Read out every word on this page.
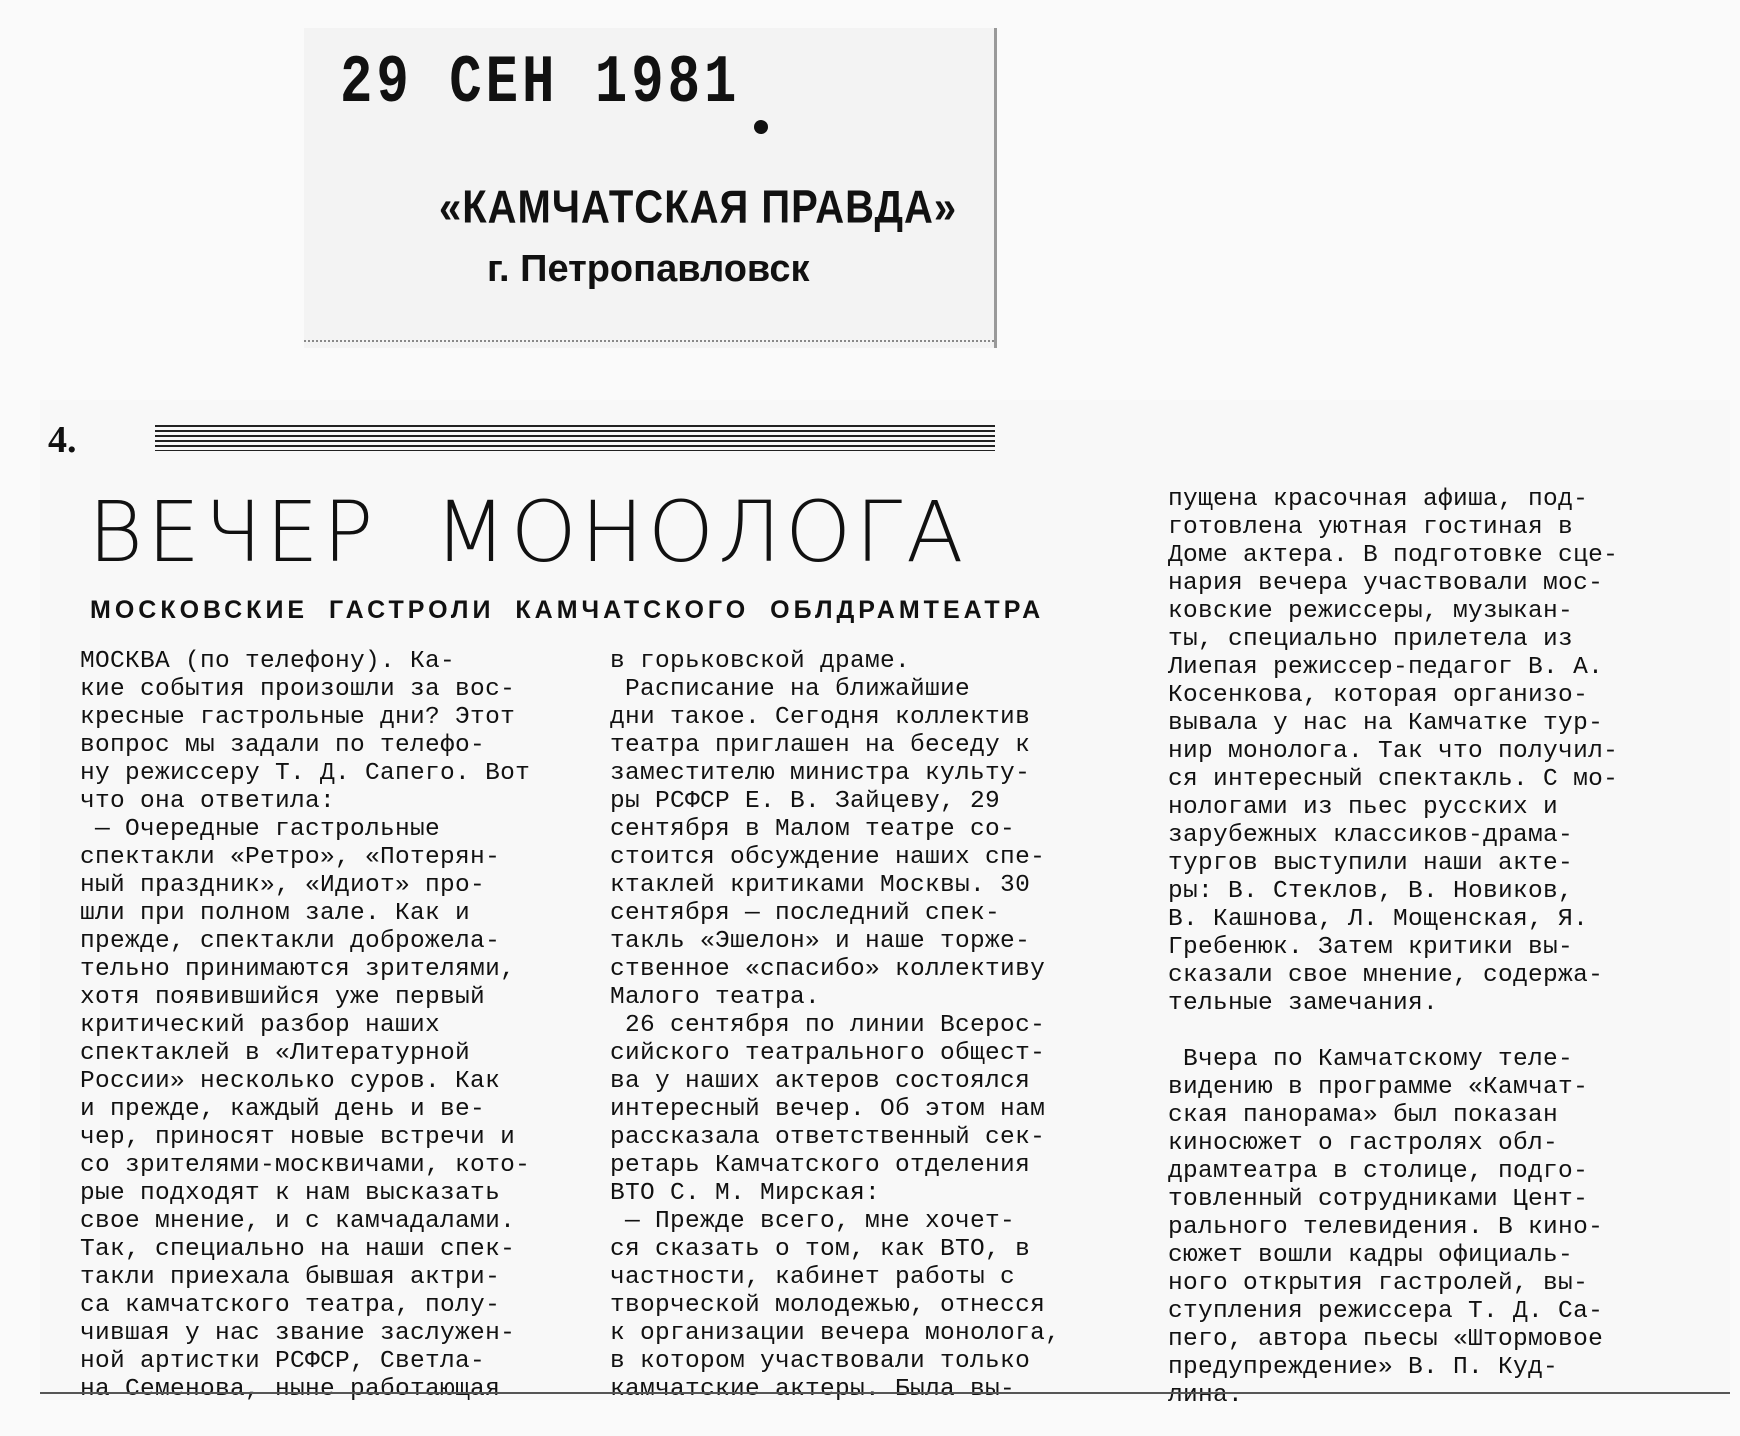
29 СЕН 1981
«КАМЧАТСКАЯ ПРАВДА»
г. Петропавловск
4.
ВЕЧЕР МОНОЛОГА
МОСКОВСКИЕ ГАСТРОЛИ КАМЧАТСКОГО ОБЛДРАМТЕАТРА
МОСКВА (по телефону). Ка-
кие события произошли за вос-
кресные гастрольные дни? Этот
вопрос мы задали по телефо-
ну режиссеру Т. Д. Сапего. Вот
что она ответила:
— Очередные гастрольные
спектакли «Ретро», «Потерян-
ный праздник», «Идиот» про-
шли при полном зале. Как и
прежде, спектакли доброжела-
тельно принимаются зрителями,
хотя появившийся уже первый
критический разбор наших
спектаклей в «Литературной
России» несколько суров. Как
и прежде, каждый день и ве-
чер, приносят новые встречи и
со зрителями-москвичами, кото-
рые подходят к нам высказать
свое мнение, и с камчадалами.
Так, специально на наши спек-
такли приехала бывшая актри-
са камчатского театра, полу-
чившая у нас звание заслужен-
ной артистки РСФСР, Светла-
на Семенова, ныне работающая
в горьковской драме.
Расписание на ближайшие
дни такое. Сегодня коллектив
театра приглашен на беседу к
заместителю министра культу-
ры РСФСР Е. В. Зайцеву, 29
сентября в Малом театре со-
стоится обсуждение наших спе-
ктаклей критиками Москвы. 30
сентября — последний спек-
такль «Эшелон» и наше торже-
ственное «спасибо» коллективу
Малого театра.
26 сентября по линии Всерос-
сийского театрального общест-
ва у наших актеров состоялся
интересный вечер. Об этом нам
рассказала ответственный сек-
ретарь Камчатского отделения
ВТО С. М. Мирская:
— Прежде всего, мне хочет-
ся сказать о том, как ВТО, в
частности, кабинет работы с
творческой молодежью, отнесся
к организации вечера монолога,
в котором участвовали только
камчатские актеры. Была вы-
пущена красочная афиша, под-
готовлена уютная гостиная в
Доме актера. В подготовке сце-
нария вечера участвовали мос-
ковские режиссеры, музыкан-
ты, специально прилетела из
Лиепая режиссер-педагог В. А.
Косенкова, которая организо-
вывала у нас на Камчатке тур-
нир монолога. Так что получил-
ся интересный спектакль. С мо-
нологами из пьес русских и
зарубежных классиков-драма-
тургов выступили наши акте-
ры: В. Стеклов, В. Новиков,
В. Кашнова, Л. Мощенская, Я.
Гребенюк. Затем критики вы-
сказали свое мнение, содержа-
тельные замечания.

Вчера по Камчатскому теле-
видению в программе «Камчат-
ская панорама» был показан
киносюжет о гастролях обл-
драмтеатра в столице, подго-
товленный сотрудниками Цент-
рального телевидения. В кино-
сюжет вошли кадры официаль-
ного открытия гастролей, вы-
ступления режиссера Т. Д. Са-
пего, автора пьесы «Штормовое
предупреждение» В. П. Куд-
лина.
